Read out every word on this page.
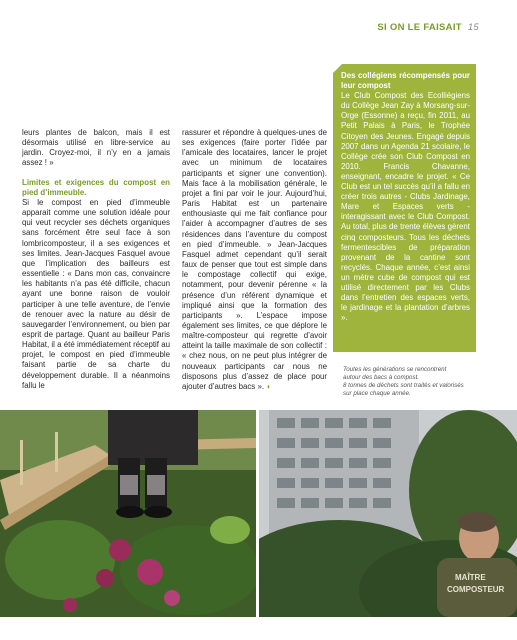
SI ON LE FAISAIT 15

leurs plantes de balcon, mais il est désormais utilisé en libre-service au jardin. Croyez-moi, il n’y en a jamais assez ! »

Limites et exigences du compost en pied d’immeuble.

Si le compost en pied d’immeuble apparait comme une solution idéale pour qui veut recycler ses déchets organiques sans forcément être seul face à son lombricomposteur, il a ses exigences et ses limites. Jean-Jacques Fasquel avoue que l’implication des bailleurs est essentielle : « Dans mon cas, convaincre les habitants n’a pas été difficile, chacun ayant une bonne raison de vouloir participer à une telle aventure, de l’envie de renouer avec la nature au désir de sauvegarder l’environnement, ou bien par esprit de partage. Quant au bailleur Paris Habitat, il a été immédiatement réceptif au projet, le compost en pied d’immeuble faisant partie de sa charte du développement durable. Il a néanmoins fallu le

rassurer et répondre à quelques-unes de ses exigences (faire porter l’idée par l’amicale des locataires, lancer le projet avec un minimum de locataires participants et signer une convention). Mais face à la mobilisation générale, le projet a fini par voir le jour. Aujourd’hui, Paris Habitat est un partenaire enthousiaste qui me fait confiance pour l’aider à accompagner d’autres de ses résidences dans l’aventure du compost en pied d’immeuble. » Jean-Jacques Fasquel admet cependant qu’il serait faux de penser que tout est simple dans le compostage collectif qui exige, notamment, pour devenir pérenne « la présence d’un référent dynamique et impliqué ainsi que la formation des participants ». L’espace impose également ses limites, ce que déplore le maître-composteur qui regrette d’avoir atteint la taille maximale de son collectif : « chez nous, on ne peut plus intégrer de nouveaux participants car nous ne disposons plus d’assez de place pour ajouter d’autres bacs ». ◗

Des collégiens récompensés pour leur compost

Le Club Compost des Ecolliégiens du Collège Jean Zay à Morsang-sur-Orge (Essonne) a reçu, fin 2011, au Petit Palais à Paris, le Trophée Citoyen des Jeunes. Engagé depuis 2007 dans un Agenda 21 scolaire, le Collège crée son Club Compost en 2010. Francis Chavanne, enseignant, encadre le projet. « Ce Club est un tel succès qu’il a fallu en créer trois autres - Clubs Jardinage, Mare et Espaces verts - interagissant avec le Club Compost. Au total, plus de trente élèves gèrent cinq composteurs. Tous les déchets fermentescibles de préparation provenant de la cantine sont recyclés. Chaque année, c’est ainsi un mètre cube de compost qui est utilisé directement par les Clubs dans l’entretien des espaces verts, le jardinage et la plantation d’arbres ».

Toutes les générations se rencontrent
autour des bacs à compost.
8 tonnes de déchets sont traités et valorisés
sur place chaque année.
MAÎTRE
COMPOSTEUR
